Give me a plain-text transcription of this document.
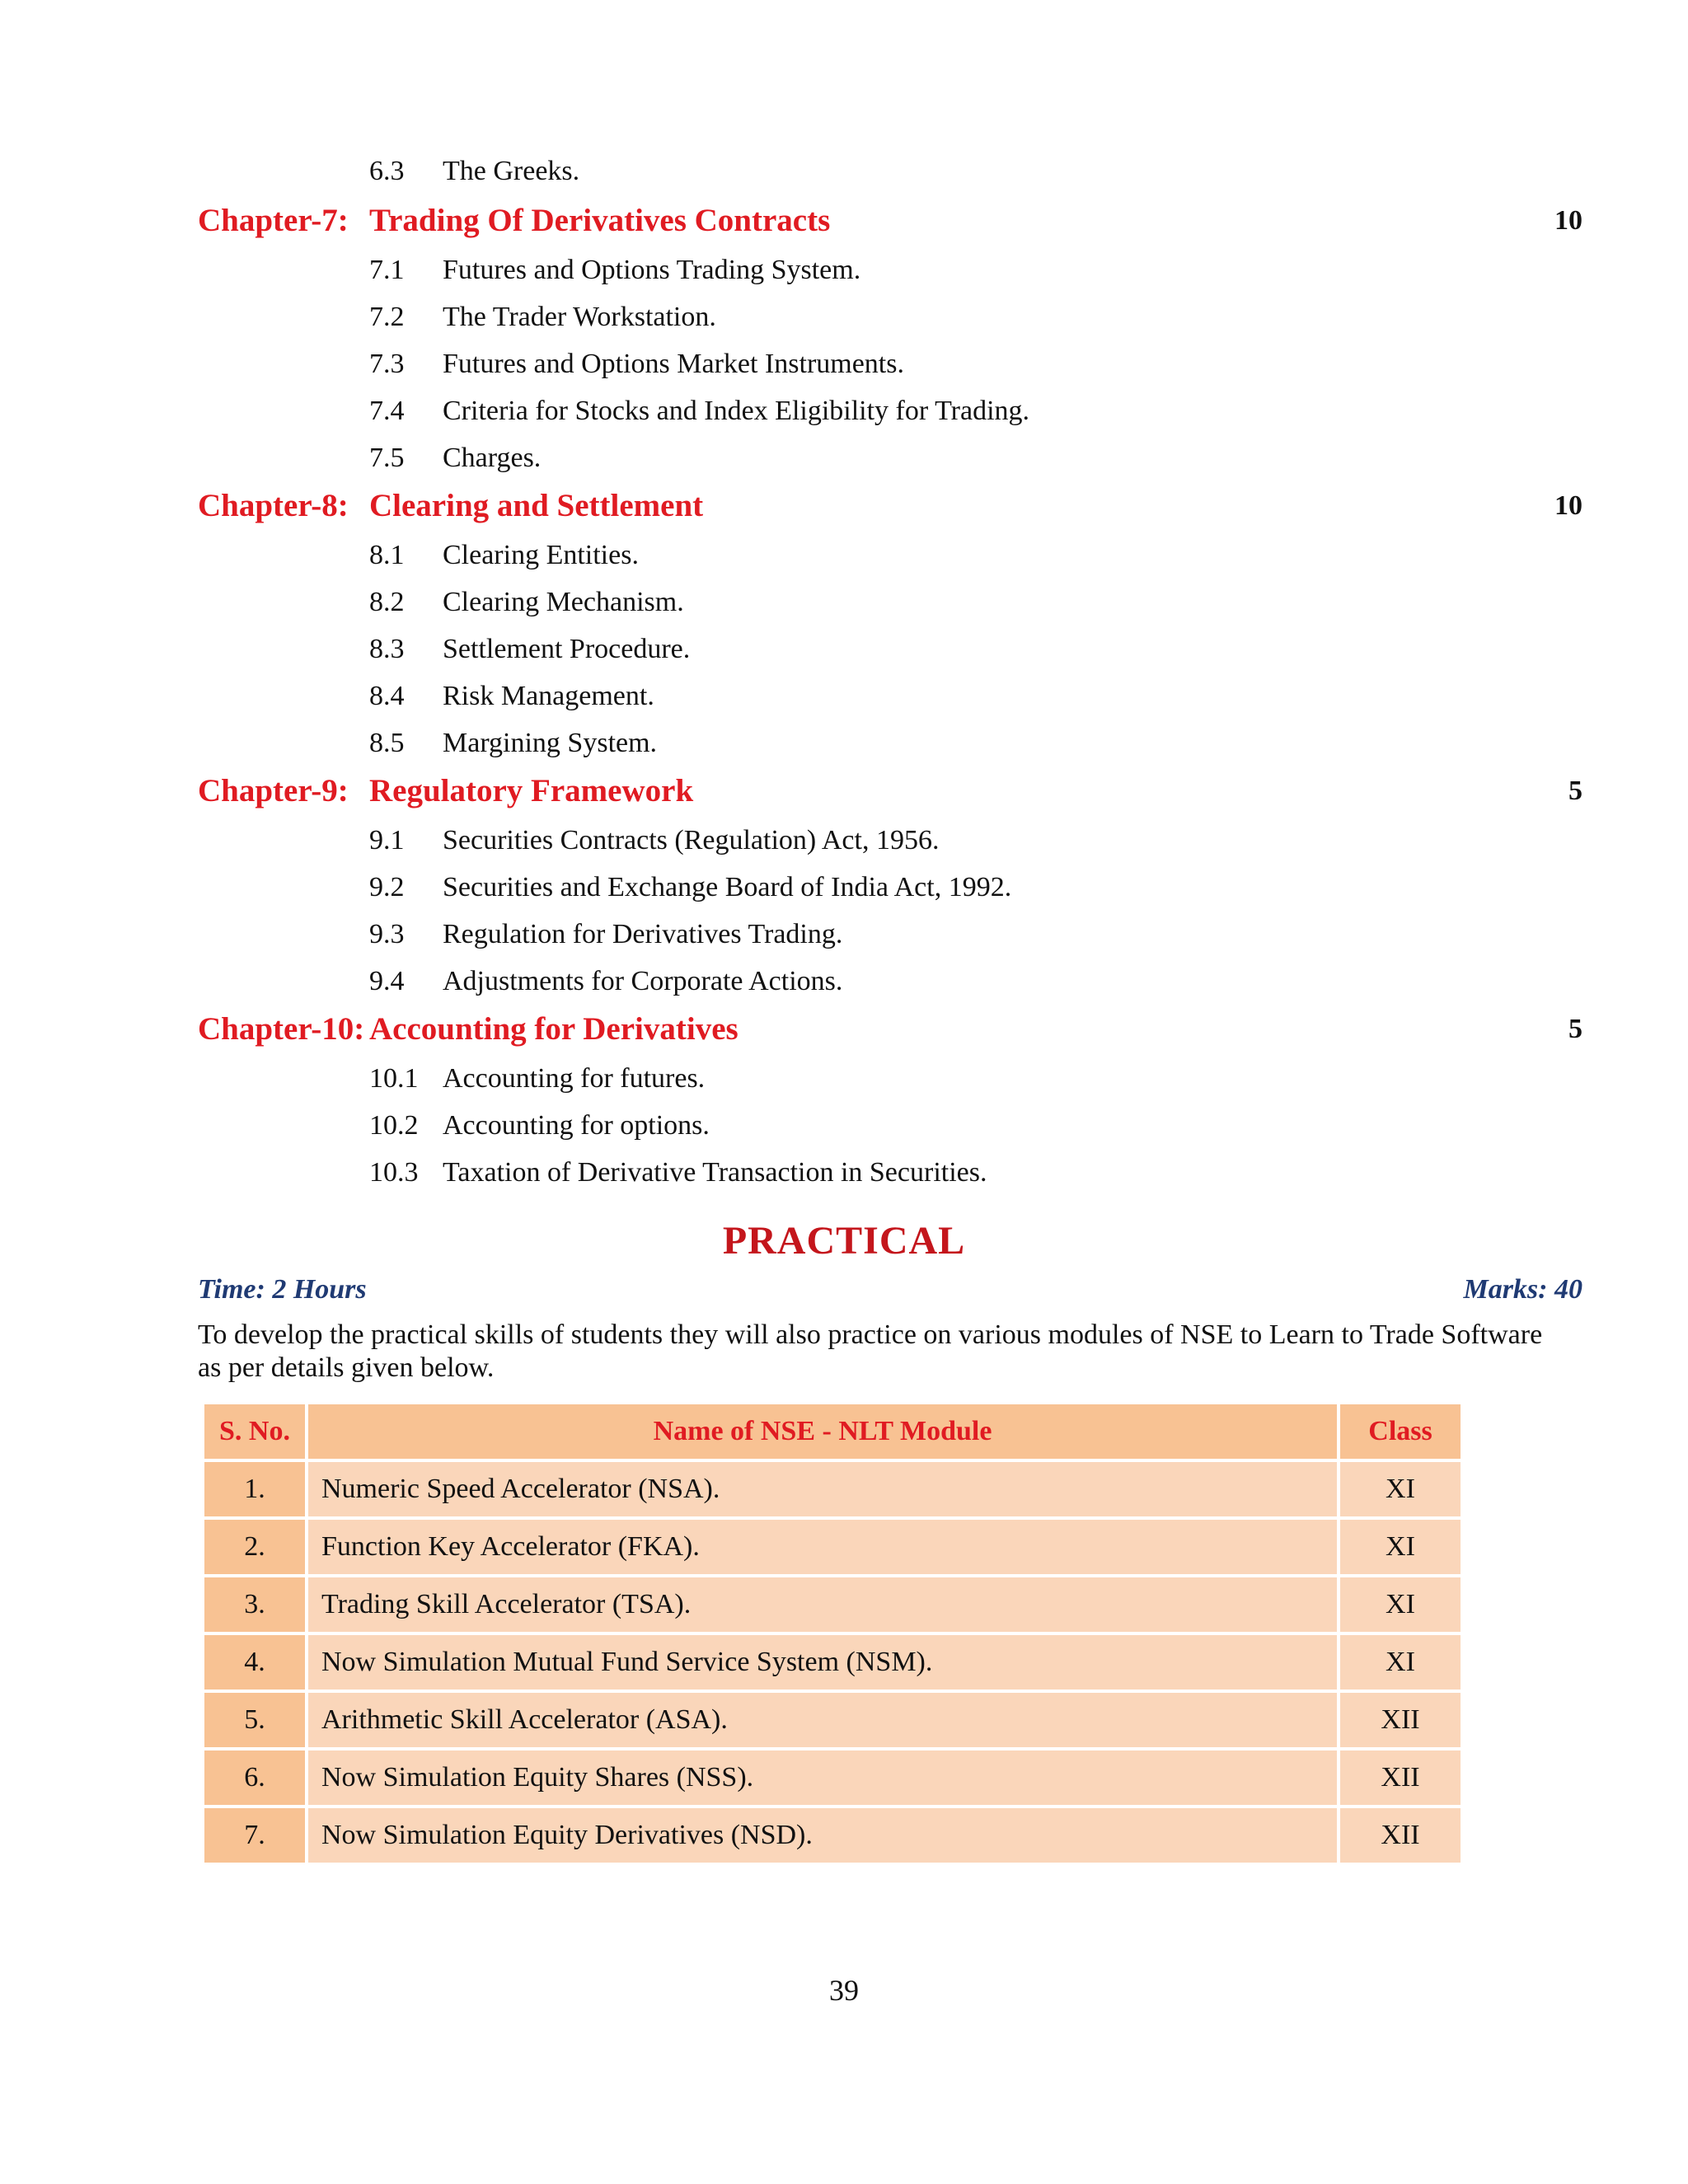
6.3 The Greeks.
Chapter-7: Trading Of Derivatives Contracts	10
7.1 Futures and Options Trading System.
7.2 The Trader Workstation.
7.3 Futures and Options Market Instruments.
7.4 Criteria for Stocks and Index Eligibility for Trading.
7.5 Charges.
Chapter-8: Clearing and Settlement	10
8.1 Clearing Entities.
8.2 Clearing Mechanism.
8.3 Settlement Procedure.
8.4 Risk Management.
8.5 Margining System.
Chapter-9: Regulatory Framework	5
9.1 Securities Contracts (Regulation) Act, 1956.
9.2 Securities and Exchange Board of India Act, 1992.
9.3 Regulation for Derivatives Trading.
9.4 Adjustments for Corporate Actions.
Chapter-10: Accounting for Derivatives	5
10.1 Accounting for futures.
10.2 Accounting for options.
10.3 Taxation of Derivative Transaction in Securities.
PRACTICAL
Time: 2 Hours	Marks: 40
To develop the practical skills of students they will also practice on various modules of NSE to Learn to Trade Software as per details given below.
S. No.	Name of NSE - NLT Module	Class
1.	Numeric Speed Accelerator (NSA).	XI
2.	Function Key Accelerator (FKA).	XI
3.	Trading Skill Accelerator (TSA).	XI
4.	Now Simulation Mutual Fund Service System (NSM).	XI
5.	Arithmetic Skill Accelerator (ASA).	XII
6.	Now Simulation Equity Shares (NSS).	XII
7.	Now Simulation Equity Derivatives (NSD).	XII
39
